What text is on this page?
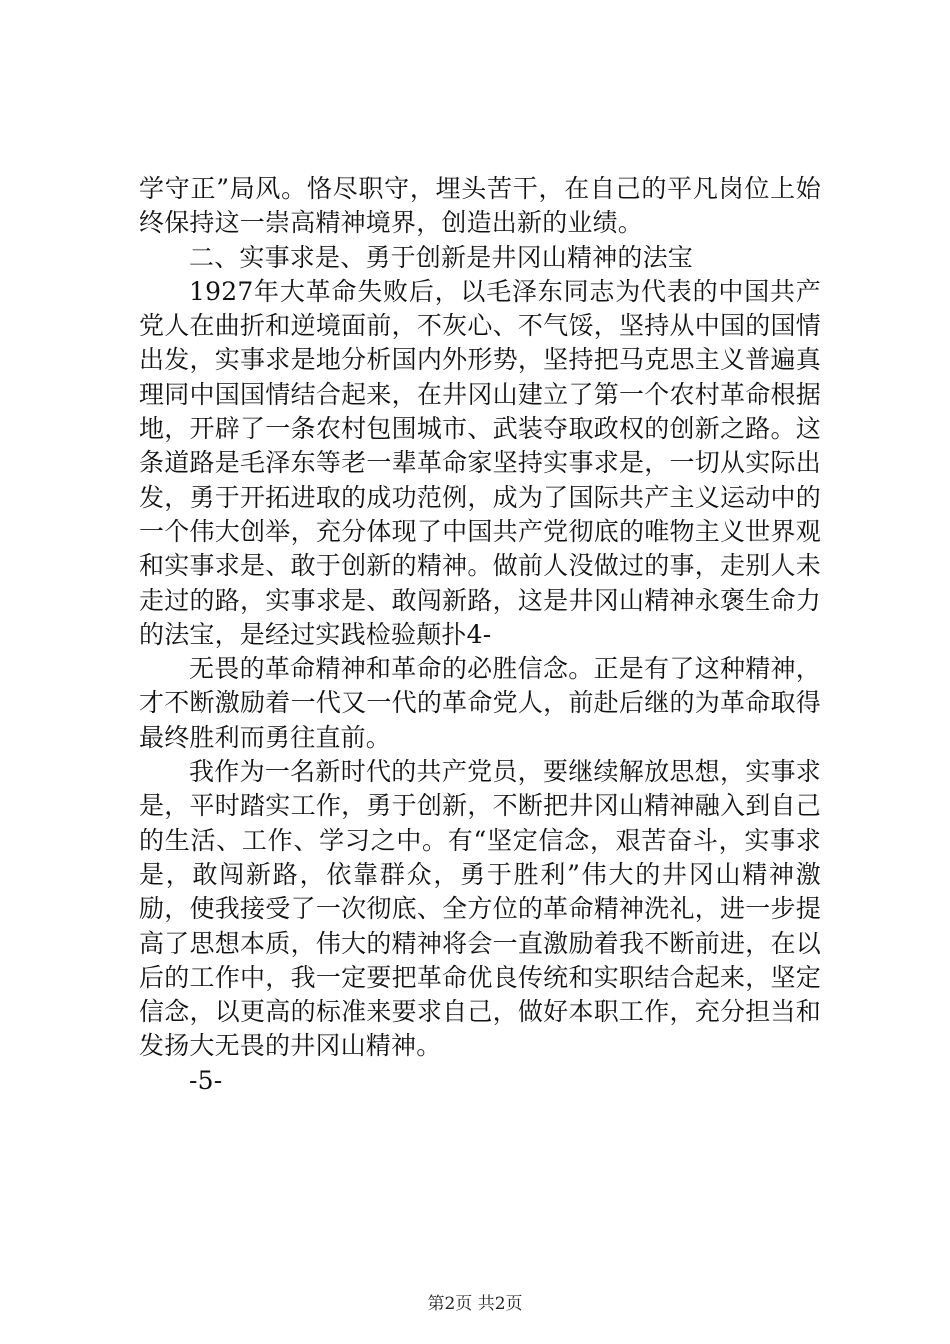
学守正”局风。恪尽职守，埋头苦干，在自己的平凡岗位上始终保持这一崇高精神境界，创造出新的业绩。

二、实事求是、勇于创新是井冈山精神的法宝

1927年大革命失败后，以毛泽东同志为代表的中国共产党人在曲折和逆境面前，不灰心、不气馁，坚持从中国的国情出发，实事求是地分析国内外形势，坚持把马克思主义普遍真理同中国国情结合起来，在井冈山建立了第一个农村革命根据地，开辟了一条农村包围城市、武装夺取政权的创新之路。这条道路是毛泽东等老一辈革命家坚持实事求是，一切从实际出发，勇于开拓进取的成功范例，成为了国际共产主义运动中的一个伟大创举，充分体现了中国共产党彻底的唯物主义世界观和实事求是、敢于创新的精神。做前人没做过的事，走别人未走过的路，实事求是、敢闯新路，这是井冈山精神永褒生命力的法宝，是经过实践检验颠扑4-

无畏的革命精神和革命的必胜信念。正是有了这种精神，才不断激励着一代又一代的革命党人，前赴后继的为革命取得最终胜利而勇往直前。

我作为一名新时代的共产党员，要继续解放思想，实事求是，平时踏实工作，勇于创新，不断把井冈山精神融入到自己的生活、工作、学习之中。有“坚定信念，艰苦奋斗，实事求是，敢闯新路，依靠群众，勇于胜利”伟大的井冈山精神激励，使我接受了一次彻底、全方位的革命精神洗礼，进一步提高了思想本质，伟大的精神将会一直激励着我不断前进，在以后的工作中，我一定要把革命优良传统和实职结合起来，坚定信念，以更高的标准来要求自己，做好本职工作，充分担当和发扬大无畏的井冈山精神。

-5-

第2页 共2页
